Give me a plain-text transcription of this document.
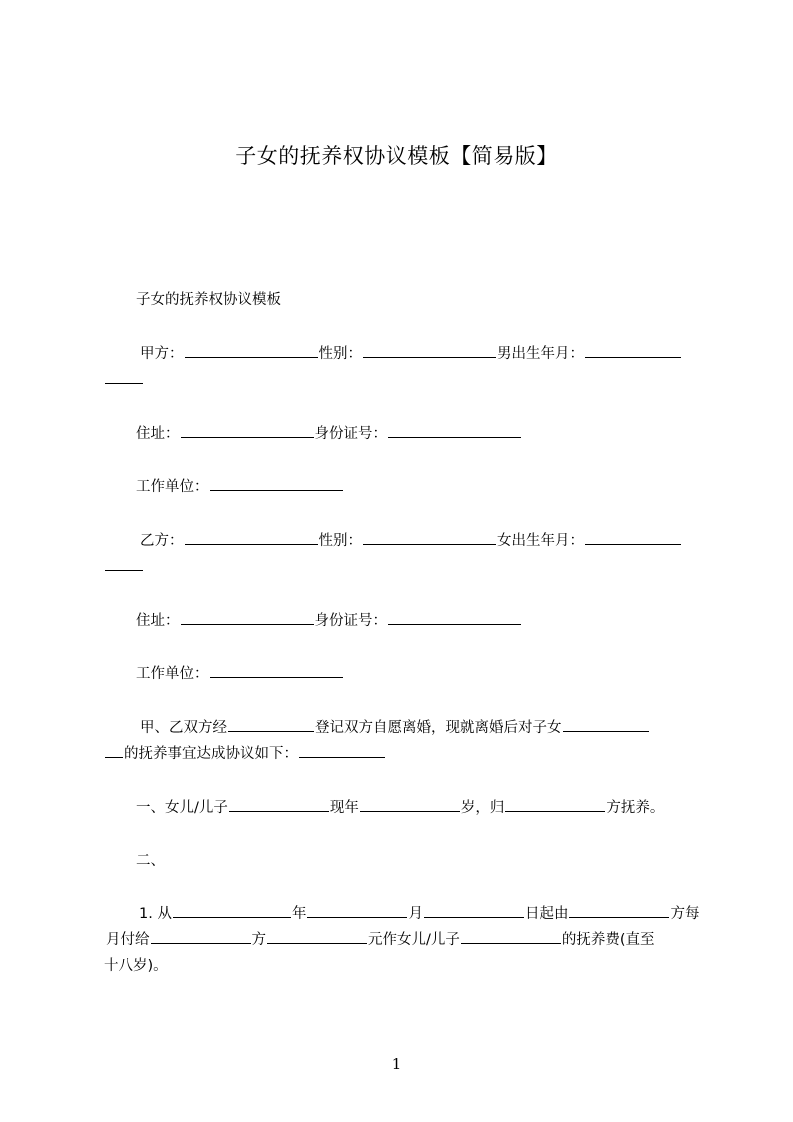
子女的抚养权协议模板【简易版】
子女的抚养权协议模板
甲方：	性别：	男出生年月：
住址：	身份证号：
工作单位：
乙方：	性别：	女出生年月：
住址：	身份证号：
工作单位：
甲、乙双方经	登记双方自愿离婚，现就离婚后对子女
的抚养事宜达成协议如下：
一、女儿/儿子	现年	岁，归	方抚养。
二、
1. 从	年	月	日起由	方每
月付给	方	元作女儿/儿子	的抚养费(直至
十八岁)。
1
